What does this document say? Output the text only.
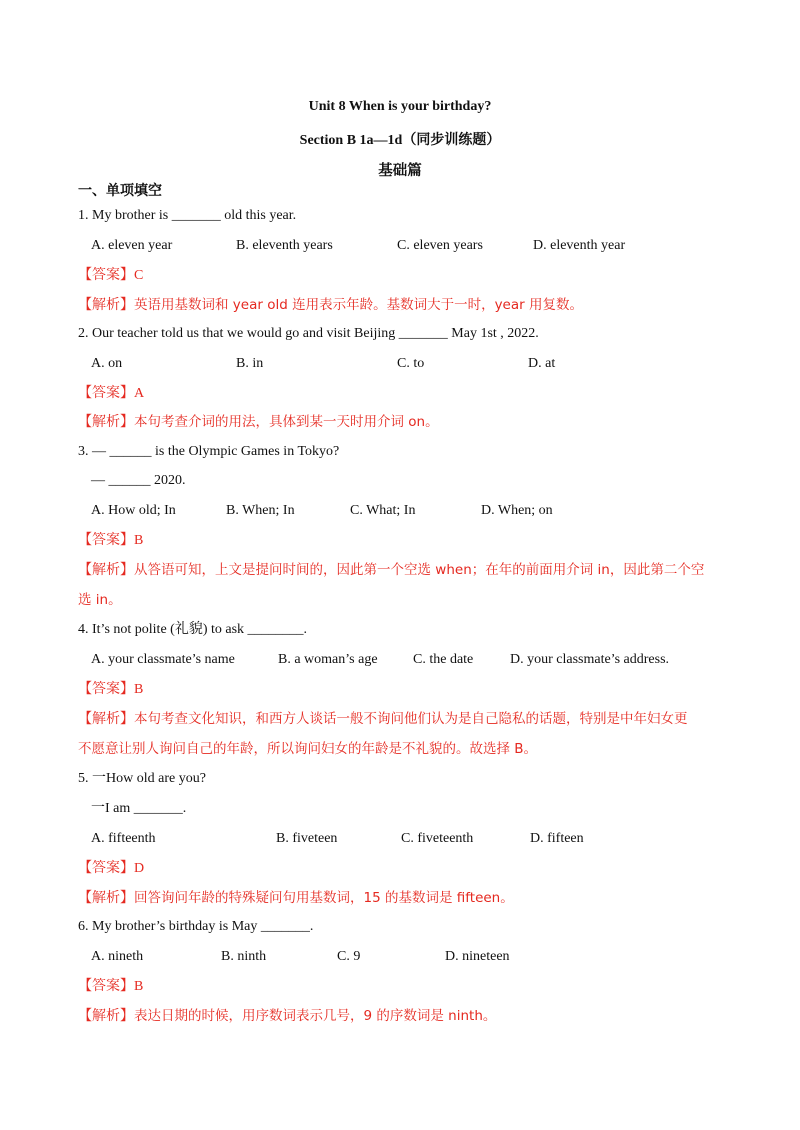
Unit 8 When is your birthday?
Section B 1a—1d（同步训练题）
基础篇
一、单项填空
1. My brother is _______ old this year.
A. eleven year	B. eleventh years	C. eleven years	D. eleventh year
【答案】C
【解析】英语用基数词和 year old 连用表示年龄。基数词大于一时，year 用复数。
2. Our teacher told us that we would go and visit Beijing _______ May 1st , 2022.
A. on	B. in	C. to	D. at
【答案】A
【解析】本句考查介词的用法，具体到某一天时用介词 on。
3. — ______ is the Olympic Games in Tokyo?
— ______ 2020.
A. How old; In	B. When; In	C. What; In	D. When; on
【答案】B
【解析】从答语可知，上文是提问时间的，因此第一个空选 when；在年的前面用介词 in，因此第二个空
选 in。
4. It’s not polite (礼貌) to ask ________.
A. your classmate’s name	B. a woman’s age	C. the date	D. your classmate’s address.
【答案】B
【解析】本句考查文化知识，和西方人谈话一般不询问他们认为是自己隐私的话题，特别是中年妇女更
不愿意让别人询问自己的年龄，所以询问妇女的年龄是不礼貌的。故选择 B。
5. 一How old are you?
一I am _______.
A. fifteenth	B. fiveteen	C. fiveteenth	D. fifteen
【答案】D
【解析】回答询问年龄的特殊疑问句用基数词，15 的基数词是 fifteen。
6. My brother’s birthday is May _______.
A. nineth	B. ninth	C. 9	D. nineteen
【答案】B
【解析】表达日期的时候，用序数词表示几号，9 的序数词是 ninth。
